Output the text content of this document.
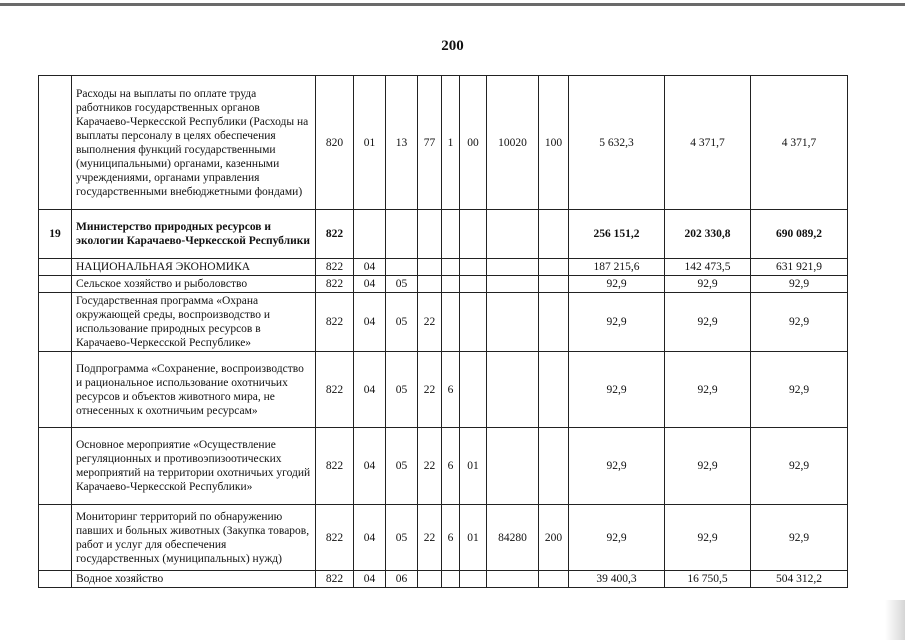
200
	Расходы на выплаты по оплате труда работников государственных органов Карачаево-Черкесской Республики (Расходы на выплаты персоналу в целях обеспечения выполнения функций государственными (муниципальными) органами, казенными учреждениями, органами управления государственными внебюджетными фондами)	820	01	13	77	1	00	10020	100	5 632,3	4 371,7	4 371,7
19	Министерство природных ресурсов и экологии Карачаево-Черкесской Республики	822								256 151,2	202 330,8	690 089,2
	НАЦИОНАЛЬНАЯ ЭКОНОМИКА	822	04							187 215,6	142 473,5	631 921,9
	Сельское хозяйство и рыболовство	822	04	05						92,9	92,9	92,9
	Государственная программа «Охрана окружающей среды, воспроизводство и использование природных ресурсов в Карачаево-Черкесской Республике»	822	04	05	22					92,9	92,9	92,9
	Подпрограмма «Сохранение, воспроизводство и рациональное использование охотничьих ресурсов и объектов животного мира, не отнесенных к охотничьим ресурсам»	822	04	05	22	6				92,9	92,9	92,9
	Основное мероприятие «Осуществление регуляционных и противоэпизоотических мероприятий на территории охотничьих угодий Карачаево-Черкесской Республики»	822	04	05	22	6	01			92,9	92,9	92,9
	Мониторинг территорий по обнаружению павших и больных животных (Закупка товаров, работ и услуг для обеспечения государственных (муниципальных) нужд)	822	04	05	22	6	01	84280	200	92,9	92,9	92,9
	Водное хозяйство	822	04	06						39 400,3	16 750,5	504 312,2
